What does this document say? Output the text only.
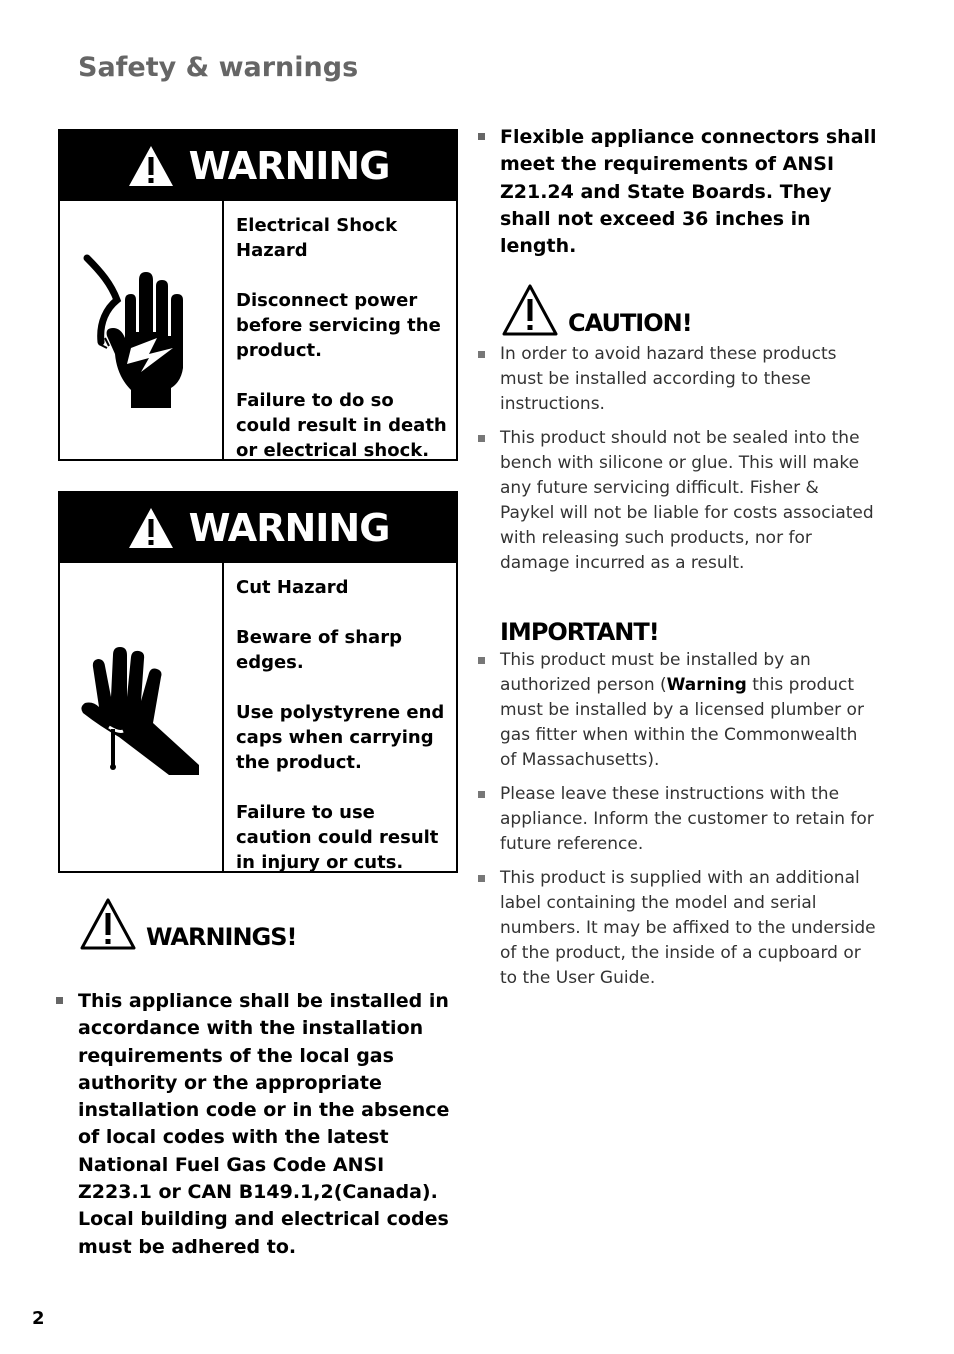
Safety & warnings
WARNING

Electrical Shock Hazard

Disconnect power before servicing the product.

Failure to do so could result in death or electrical shock.

WARNING

Cut Hazard

Beware of sharp edges.

Use polystyrene end caps when carrying the product.

Failure to use caution could result in injury or cuts.

WARNINGS!
This appliance shall be installed in accordance with the installation requirements of the local gas authority or the appropriate installation code or in the absence of local codes with the latest National Fuel Gas Code ANSI Z223.1 or CAN B149.1,2(Canada). Local building and electrical codes must be adhered to.
Flexible appliance connectors shall meet the requirements of ANSI Z21.24 and State Boards. They shall not exceed 36 inches in length.
CAUTION!
In order to avoid hazard these products must be installed according to these instructions.
This product should not be sealed into the bench with silicone or glue. This will make any future servicing difficult. Fisher & Paykel will not be liable for costs associated with releasing such products, nor for damage incurred as a result.
IMPORTANT!
This product must be installed by an authorized person (Warning this product must be installed by a licensed plumber or gas fitter when within the Commonwealth of Massachusetts).
Please leave these instructions with the appliance. Inform the customer to retain for future reference.
This product is supplied with an additional label containing the model and serial numbers. It may be affixed to the underside of the product, the inside of a cupboard or to the User Guide.
2
